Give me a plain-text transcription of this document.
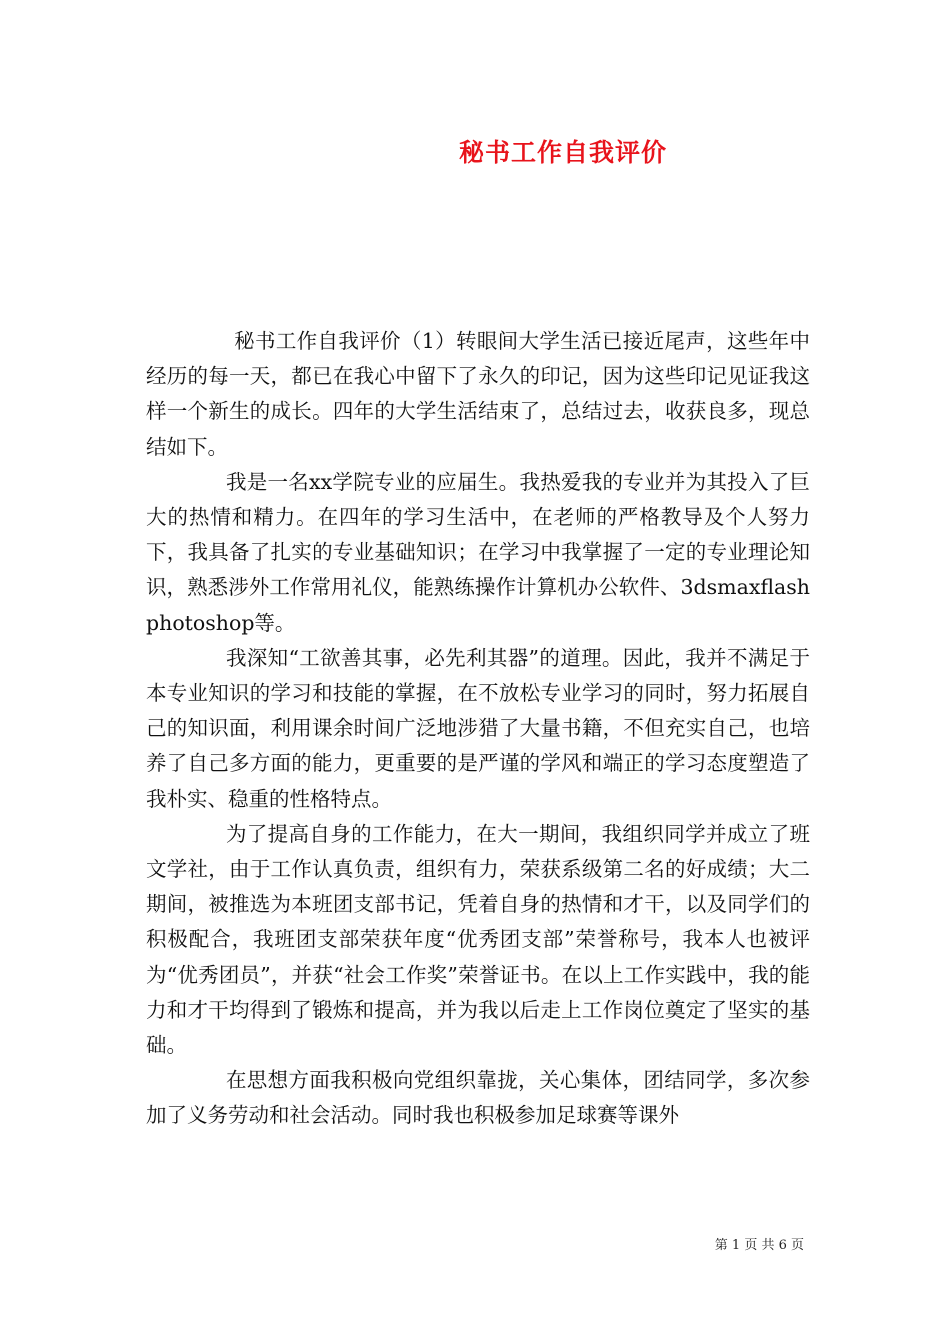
秘书工作自我评价

秘书工作自我评价（1）转眼间大学生活已接近尾声，这些年中经历的每一天，都已在我心中留下了永久的印记，因为这些印记见证我这样一个新生的成长。四年的大学生活结束了，总结过去，收获良多，现总结如下。

我是一名xx学院专业的应届生。我热爱我的专业并为其投入了巨大的热情和精力。在四年的学习生活中，在老师的严格教导及个人努力下，我具备了扎实的专业基础知识；在学习中我掌握了一定的专业理论知识，熟悉涉外工作常用礼仪，能熟练操作计算机办公软件、3dsmaxflashphotoshop等。

我深知“工欲善其事，必先利其器”的道理。因此，我并不满足于本专业知识的学习和技能的掌握，在不放松专业学习的同时，努力拓展自己的知识面，利用课余时间广泛地涉猎了大量书籍，不但充实自己，也培养了自己多方面的能力，更重要的是严谨的学风和端正的学习态度塑造了我朴实、稳重的性格特点。

为了提高自身的工作能力，在大一期间，我组织同学并成立了班文学社，由于工作认真负责，组织有力，荣获系级第二名的好成绩；大二期间，被推选为本班团支部书记，凭着自身的热情和才干，以及同学们的积极配合，我班团支部荣获年度“优秀团支部”荣誉称号，我本人也被评为“优秀团员”，并获“社会工作奖”荣誉证书。在以上工作实践中，我的能力和才干均得到了锻炼和提高，并为我以后走上工作岗位奠定了坚实的基础。

在思想方面我积极向党组织靠拢，关心集体，团结同学，多次参加了义务劳动和社会活动。同时我也积极参加足球赛等课外

第 1 页 共 6 页
